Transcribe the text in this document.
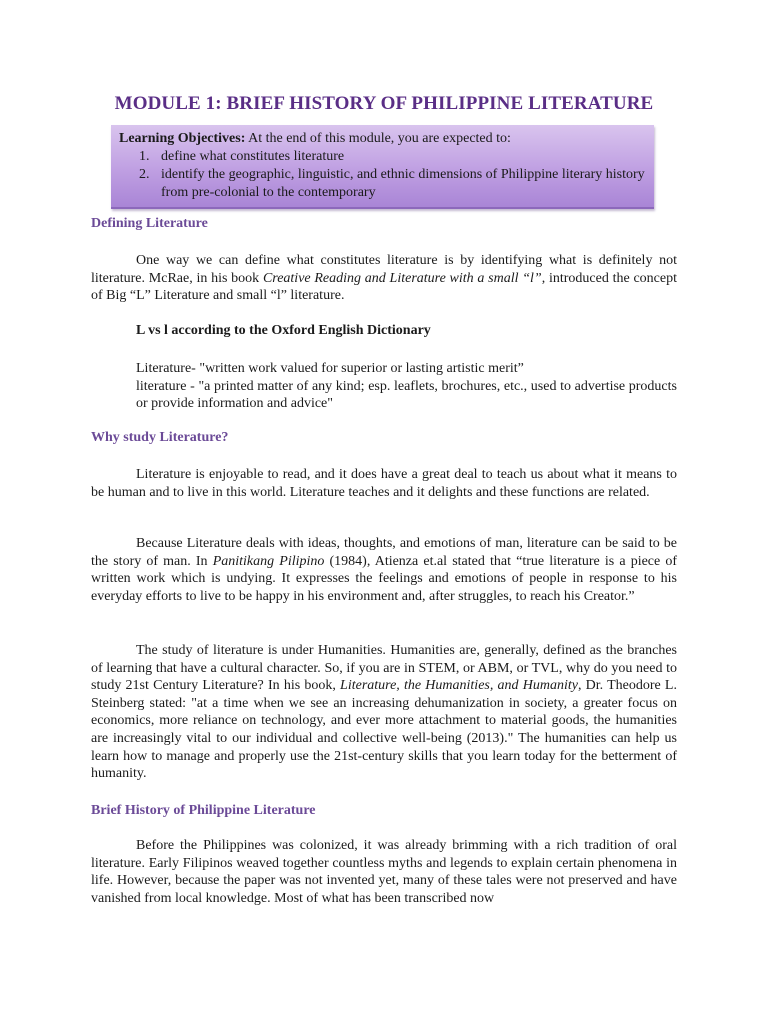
MODULE 1: BRIEF HISTORY OF PHILIPPINE LITERATURE
Learning Objectives: At the end of this module, you are expected to:
1. define what constitutes literature
2. identify the geographic, linguistic, and ethnic dimensions of Philippine literary history from pre-colonial to the contemporary
Defining Literature

One way we can define what constitutes literature is by identifying what is definitely not literature. McRae, in his book Creative Reading and Literature with a small “l”, introduced the concept of Big “L” Literature and small “l” literature.

L vs l according to the Oxford English Dictionary
Literature- "written work valued for superior or lasting artistic merit”
literature - "a printed matter of any kind; esp. leaflets, brochures, etc., used to advertise products or provide information and advice"
Why study Literature?

Literature is enjoyable to read, and it does have a great deal to teach us about what it means to be human and to live in this world. Literature teaches and it delights and these functions are related.

Because Literature deals with ideas, thoughts, and emotions of man, literature can be said to be the story of man. In Panitikang Pilipino (1984), Atienza et.al stated that “true literature is a piece of written work which is undying. It expresses the feelings and emotions of people in response to his everyday efforts to live to be happy in his environment and, after struggles, to reach his Creator.”

The study of literature is under Humanities. Humanities are, generally, defined as the branches of learning that have a cultural character. So, if you are in STEM, or ABM, or TVL, why do you need to study 21st Century Literature? In his book, Literature, the Humanities, and Humanity, Dr. Theodore L. Steinberg stated: "at a time when we see an increasing dehumanization in society, a greater focus on economics, more reliance on technology, and ever more attachment to material goods, the humanities are increasingly vital to our individual and collective well-being (2013)." The humanities can help us learn how to manage and properly use the 21st-century skills that you learn today for the betterment of humanity.

Brief History of Philippine Literature

Before the Philippines was colonized, it was already brimming with a rich tradition of oral literature. Early Filipinos weaved together countless myths and legends to explain certain phenomena in life. However, because the paper was not invented yet, many of these tales were not preserved and have vanished from local knowledge. Most of what has been transcribed now
